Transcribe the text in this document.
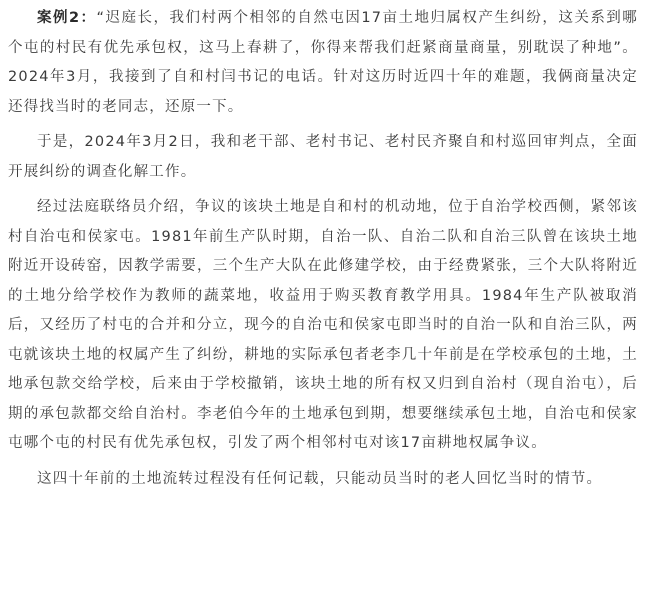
案例2：“迟庭长，我们村两个相邻的自然屯因17亩土地归属权产生纠纷，这关系到哪个屯的村民有优先承包权，这马上春耕了，你得来帮我们赶紧商量商量，别耽误了种地”。2024年3月，我接到了自和村闫书记的电话。针对这历时近四十年的难题，我俩商量决定还得找当时的老同志，还原一下。

于是，2024年3月2日，我和老干部、老村书记、老村民齐聚自和村巡回审判点，全面开展纠纷的调查化解工作。

经过法庭联络员介绍，争议的该块土地是自和村的机动地，位于自治学校西侧，紧邻该村自治屯和侯家屯。1981年前生产队时期，自治一队、自治二队和自治三队曾在该块土地附近开设砖窑，因教学需要，三个生产大队在此修建学校，由于经费紧张，三个大队将附近的土地分给学校作为教师的蔬菜地，收益用于购买教育教学用具。1984年生产队被取消后，又经历了村屯的合并和分立，现今的自治屯和侯家屯即当时的自治一队和自治三队，两屯就该块土地的权属产生了纠纷，耕地的实际承包者老李几十年前是在学校承包的土地，土地承包款交给学校，后来由于学校撤销，该块土地的所有权又归到自治村（现自治屯），后期的承包款都交给自治村。李老伯今年的土地承包到期，想要继续承包土地，自治屯和侯家屯哪个屯的村民有优先承包权，引发了两个相邻村屯对该17亩耕地权属争议。

这四十年前的土地流转过程没有任何记载，只能动员当时的老人回忆当时的情节。
